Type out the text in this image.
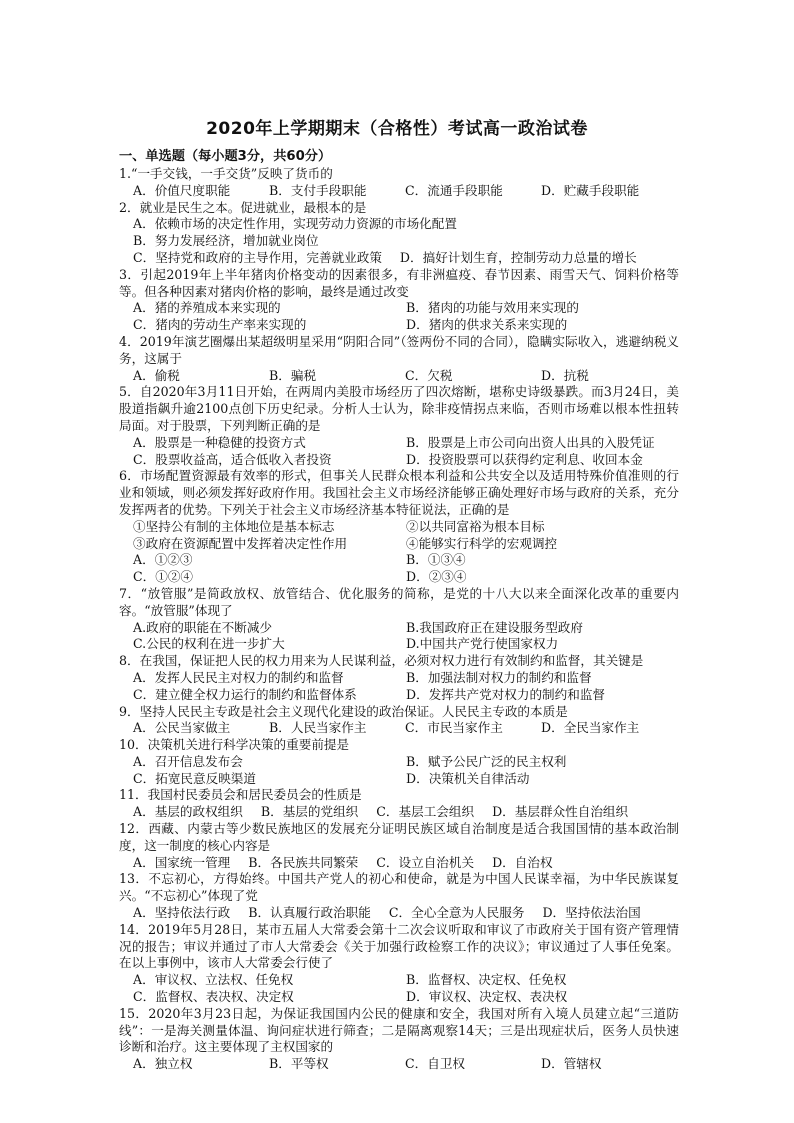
2020年上学期期末（合格性）考试高一政治试卷
一、单选题（每小题3分，共60分）
1.“一手交钱，一手交货”反映了货币的
A．价值尺度职能	B．支付手段职能	C．流通手段职能	D．贮藏手段职能
2．就业是民生之本。促进就业，最根本的是
A．依赖市场的决定性作用，实现劳动力资源的市场化配置
B．努力发展经济，增加就业岗位
C．坚持党和政府的主导作用，完善就业政策 D．搞好计划生育，控制劳动力总量的增长
3．引起2019年上半年猪肉价格变动的因素很多，有非洲瘟疫、春节因素、雨雪天气、饲料价格等等。但各种因素对猪肉价格的影响，最终是通过改变
A．猪的养殖成本来实现的	B．猪肉的功能与效用来实现的
C．猪肉的劳动生产率来实现的	D．猪肉的供求关系来实现的
4．2019年演艺圈爆出某超级明星采用“阴阳合同”（签两份不同的合同），隐瞒实际收入，逃避纳税义务，这属于
A．偷税	B．骗税	C．欠税	D．抗税
5．自2020年3月11日开始，在两周内美股市场经历了四次熔断，堪称史诗级暴跌。而3月24日，美股道指飙升逾2100点创下历史纪录。分析人士认为，除非疫情拐点来临，否则市场难以根本性扭转局面。对于股票，下列判断正确的是
A．股票是一种稳健的投资方式	B．股票是上市公司向出资人出具的入股凭证
C．股票收益高，适合低收入者投资	D．投资股票可以获得约定利息、收回本金
6．市场配置资源最有效率的形式，但事关人民群众根本利益和公共安全以及适用特殊价值准则的行业和领域，则必须发挥好政府作用。我国社会主义市场经济能够正确处理好市场与政府的关系，充分发挥两者的优势。下列关于社会主义市场经济基本特征说法，正确的是
①坚持公有制的主体地位是基本标志	②以共同富裕为根本目标
③政府在资源配置中发挥着决定性作用	④能够实行科学的宏观调控
A．①②③	B．①③④
C．①②④	D．②③④
7．“放管服”是简政放权、放管结合、优化服务的简称，是党的十八大以来全面深化改革的重要内容。“放管服”体现了
A.政府的职能在不断减少	B.我国政府正在建设服务型政府
C.公民的权利在进一步扩大	D.中国共产党行使国家权力
8．在我国，保证把人民的权力用来为人民谋利益，必须对权力进行有效制约和监督，其关键是
A．发挥人民民主对权力的制约和监督	B．加强法制对权力的制约和监督
C．建立健全权力运行的制约和监督体系	D．发挥共产党对权力的制约和监督
9．坚持人民民主专政是社会主义现代化建设的政治保证。人民民主专政的本质是
A．公民当家做主	B．人民当家作主	C．市民当家作主	D．全民当家作主
10．决策机关进行科学决策的重要前提是
A．召开信息发布会	B．赋予公民广泛的民主权利
C．拓宽民意反映渠道	D．决策机关自律活动
11．我国村民委员会和居民委员会的性质是
A．基层的政权组织 B．基层的党组织 C．基层工会组织 D．基层群众性自治组织
12．西藏、内蒙古等少数民族地区的发展充分证明民族区域自治制度是适合我国国情的基本政治制度，这一制度的核心内容是
A．国家统一管理 B．各民族共同繁荣 C．设立自治机关 D．自治权
13．不忘初心，方得始终。中国共产党人的初心和使命，就是为中国人民谋幸福，为中华民族谋复兴。“不忘初心”体现了党
A．坚持依法行政 B．认真履行政治职能 C．全心全意为人民服务 D．坚持依法治国
14．2019年5月28日，某市五届人大常委会第十二次会议听取和审议了市政府关于国有资产管理情况的报告；审议并通过了市人大常委会《关于加强行政检察工作的决议》；审议通过了人事任免案。在以上事例中，该市人大常委会行使了
A．审议权、立法权、任免权	B．监督权、决定权、任免权
C．监督权、表决权、决定权	D．审议权、决定权、表决权
15．2020年3月23日起，为保证我国国内公民的健康和安全，我国对所有入境人员建立起“三道防线”：一是海关测量体温、询问症状进行筛查；二是隔离观察14天；三是出现症状后，医务人员快速诊断和治疗。这主要体现了主权国家的
A．独立权	B．平等权	C．自卫权	D．管辖权
